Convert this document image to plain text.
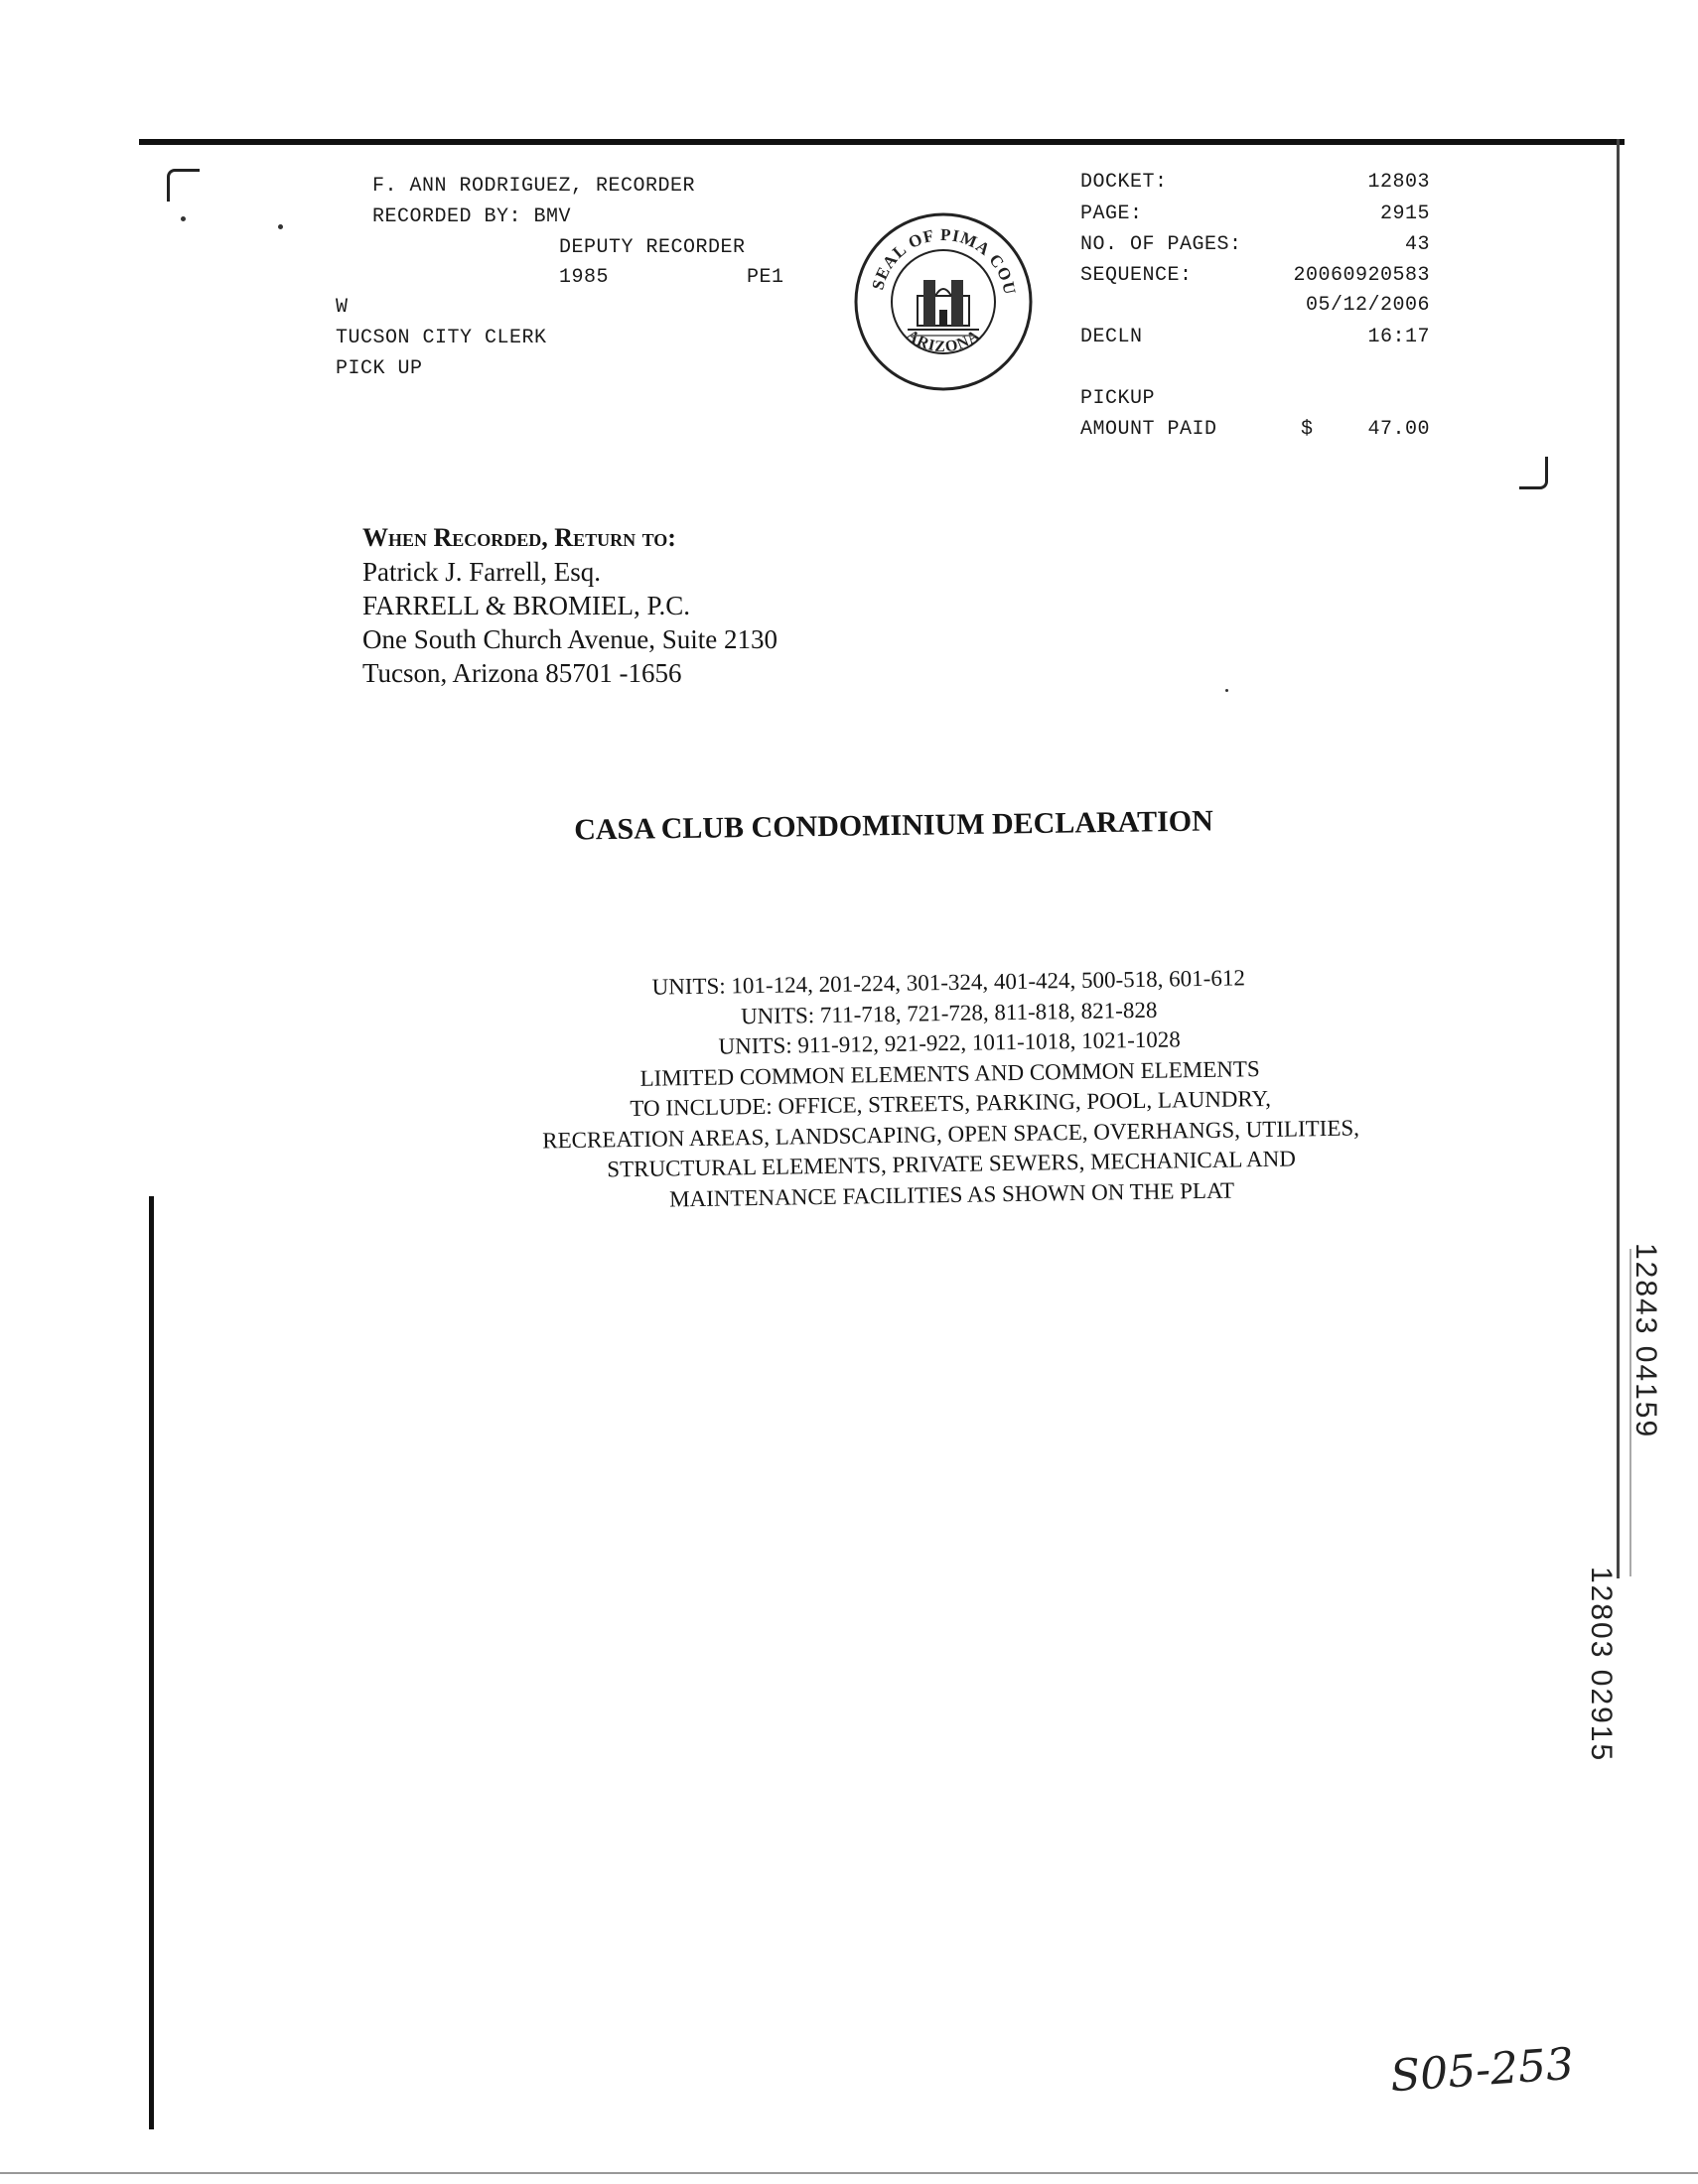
F. ANN RODRIGUEZ, RECORDER
RECORDED BY: BMV
DEPUTY RECORDER
1985	PE1
W
TUCSON CITY CLERK
PICK UP
SEAL OF PIMA COU
ARIZONA
DOCKET:	12803
PAGE:	2915
NO. OF PAGES:	43
SEQUENCE:	20060920583
05/12/2006
DECLN	16:17
PICKUP
AMOUNT PAID	$	47.00
When Recorded, Return to:
Patrick J. Farrell, Esq.
FARRELL & BROMIEL, P.C.
One South Church Avenue, Suite 2130
Tucson, Arizona 85701 -1656
CASA CLUB CONDOMINIUM DECLARATION
UNITS: 101-124, 201-224, 301-324, 401-424, 500-518, 601-612
UNITS: 711-718, 721-728, 811-818, 821-828
UNITS: 911-912, 921-922, 1011-1018, 1021-1028
LIMITED COMMON ELEMENTS AND COMMON ELEMENTS
TO INCLUDE: OFFICE, STREETS, PARKING, POOL, LAUNDRY,
RECREATION AREAS, LANDSCAPING, OPEN SPACE, OVERHANGS, UTILITIES,
STRUCTURAL ELEMENTS, PRIVATE SEWERS, MECHANICAL AND
MAINTENANCE FACILITIES AS SHOWN ON THE PLAT
12843 04159
12803 02915
S05-253
